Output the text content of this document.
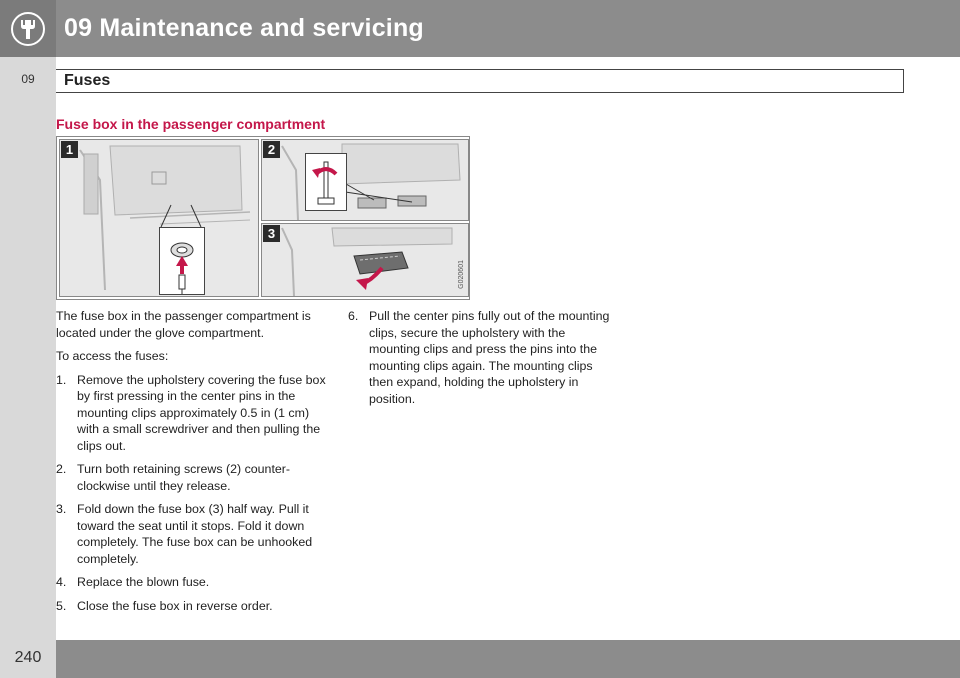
09 Maintenance and servicing
09	Fuses
Fuse box in the passenger compartment
1	2
3
G020601

The fuse box in the passenger compartment is located under the glove compartment.

To access the fuses:

1. Remove the upholstery covering the fuse box by first pressing in the center pins in the mounting clips approximately 0.5 in (1 cm) with a small screwdriver and then pulling the clips out.
2. Turn both retaining screws (2) counter-clockwise until they release.
3. Fold down the fuse box (3) half way. Pull it toward the seat until it stops. Fold it down completely. The fuse box can be unhooked completely.
4. Replace the blown fuse.
5. Close the fuse box in reverse order.
6. Pull the center pins fully out of the mounting clips, secure the upholstery with the mounting clips and press the pins into the mounting clips again. The mounting clips then expand, holding the upholstery in position.
240
